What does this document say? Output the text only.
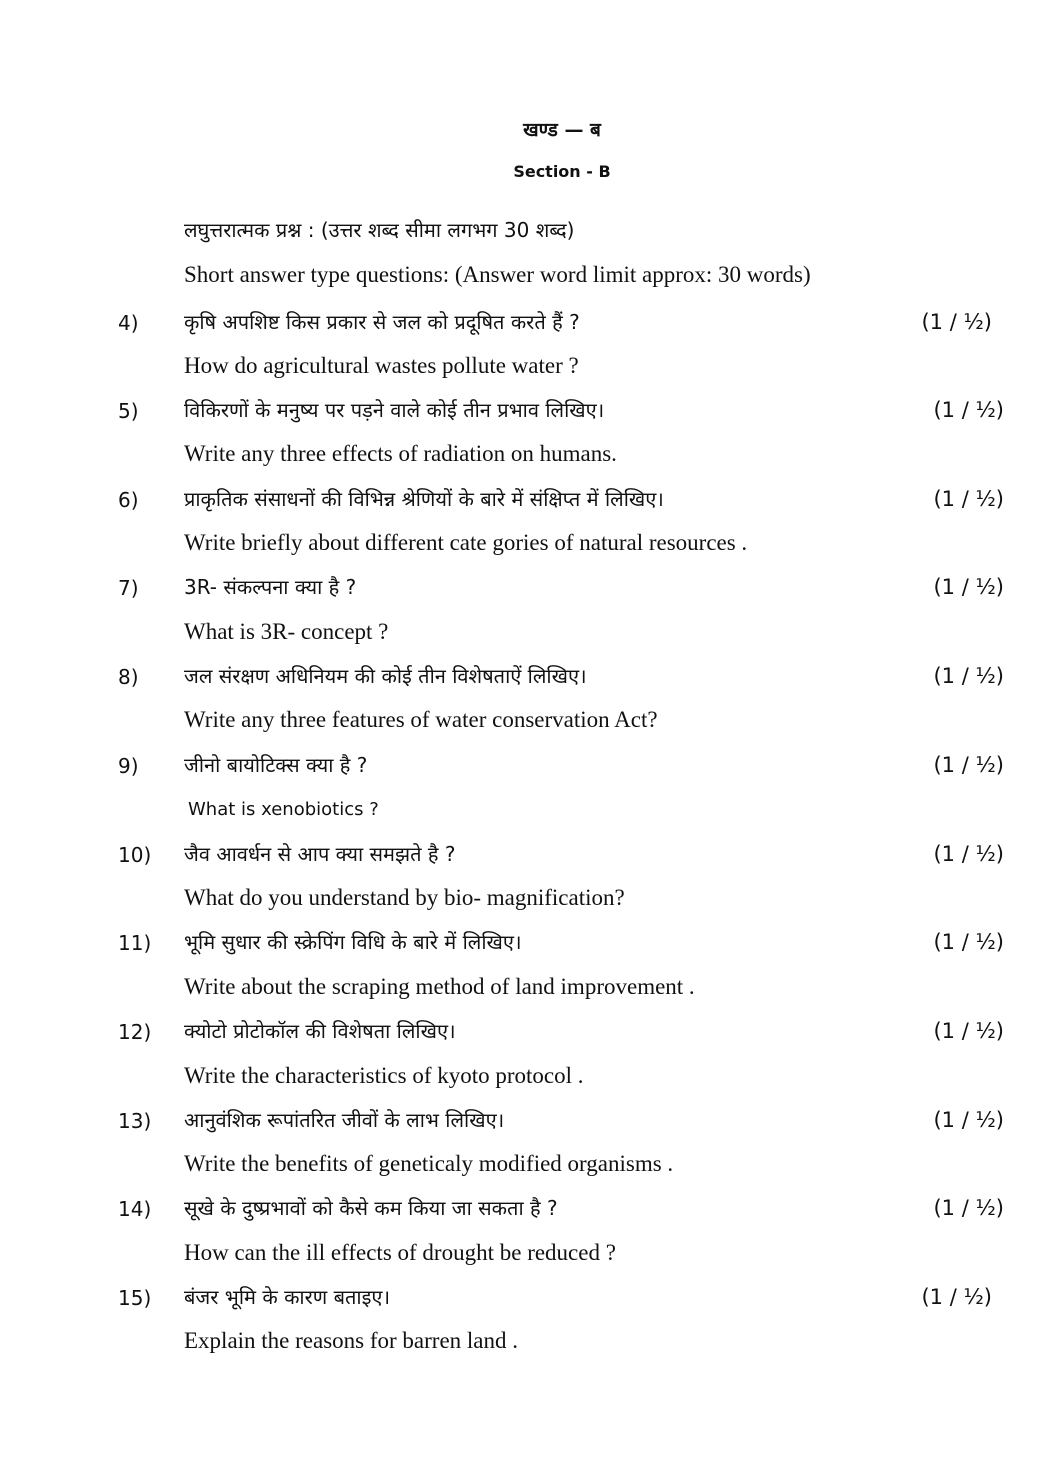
खण्ड — ब
Section - B
लघुत्तरात्मक प्रश्न : (उत्तर शब्द सीमा लगभग 30 शब्द)
Short answer type questions: (Answer word limit approx: 30 words)
4) कृषि अपशिष्ट किस प्रकार से जल को प्रदूषित करते हैं ?	(1 / ½)
How do agricultural wastes pollute water ?
5) विकिरणों के मनुष्य पर पड़ने वाले कोई तीन प्रभाव लिखिए।	(1 / ½)
Write any three effects of radiation on humans.
6) प्राकृतिक संसाधनों की विभिन्न श्रेणियों के बारे में संक्षिप्त में लिखिए।	(1 / ½)
Write briefly about different cate gories of natural resources .
7) 3R- संकल्पना क्या है ?	(1 / ½)
What is 3R- concept ?
8) जल संरक्षण अधिनियम की कोई तीन विशेषताऐं लिखिए।	(1 / ½)
Write any three features of water conservation Act?
9) जीनो बायोटिक्स क्या है ?	(1 / ½)
What is xenobiotics ?
10) जैव आवर्धन से आप क्या समझते है ?	(1 / ½)
What do you understand by bio- magnification?
11) भूमि सुधार की स्क्रेपिंग विधि के बारे में लिखिए।	(1 / ½)
Write about the scraping method of land improvement .
12) क्योटो प्रोटोकॉल की विशेषता लिखिए।	(1 / ½)
Write the characteristics of kyoto protocol .
13) आनुवंशिक रूपांतरित जीवों के लाभ लिखिए।	(1 / ½)
Write the benefits of geneticaly modified organisms .
14) सूखे के दुष्प्रभावों को कैसे कम किया जा सकता है ?	(1 / ½)
How can the ill effects of drought be reduced ?
15) बंजर भूमि के कारण बताइए।	(1 / ½)
Explain the reasons for barren land .
